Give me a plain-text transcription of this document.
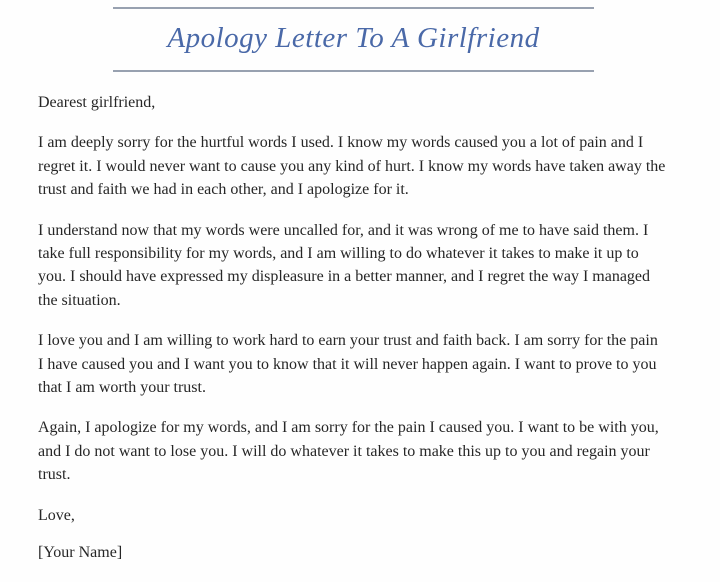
Apology Letter To A Girlfriend

Dearest girlfriend,

I am deeply sorry for the hurtful words I used. I know my words caused you a lot of pain and I regret it. I would never want to cause you any kind of hurt. I know my words have taken away the trust and faith we had in each other, and I apologize for it.

I understand now that my words were uncalled for, and it was wrong of me to have said them. I take full responsibility for my words, and I am willing to do whatever it takes to make it up to you. I should have expressed my displeasure in a better manner, and I regret the way I managed the situation.

I love you and I am willing to work hard to earn your trust and faith back. I am sorry for the pain I have caused you and I want you to know that it will never happen again. I want to prove to you that I am worth your trust.

Again, I apologize for my words, and I am sorry for the pain I caused you. I want to be with you, and I do not want to lose you. I will do whatever it takes to make this up to you and regain your trust.

Love,

[Your Name]
